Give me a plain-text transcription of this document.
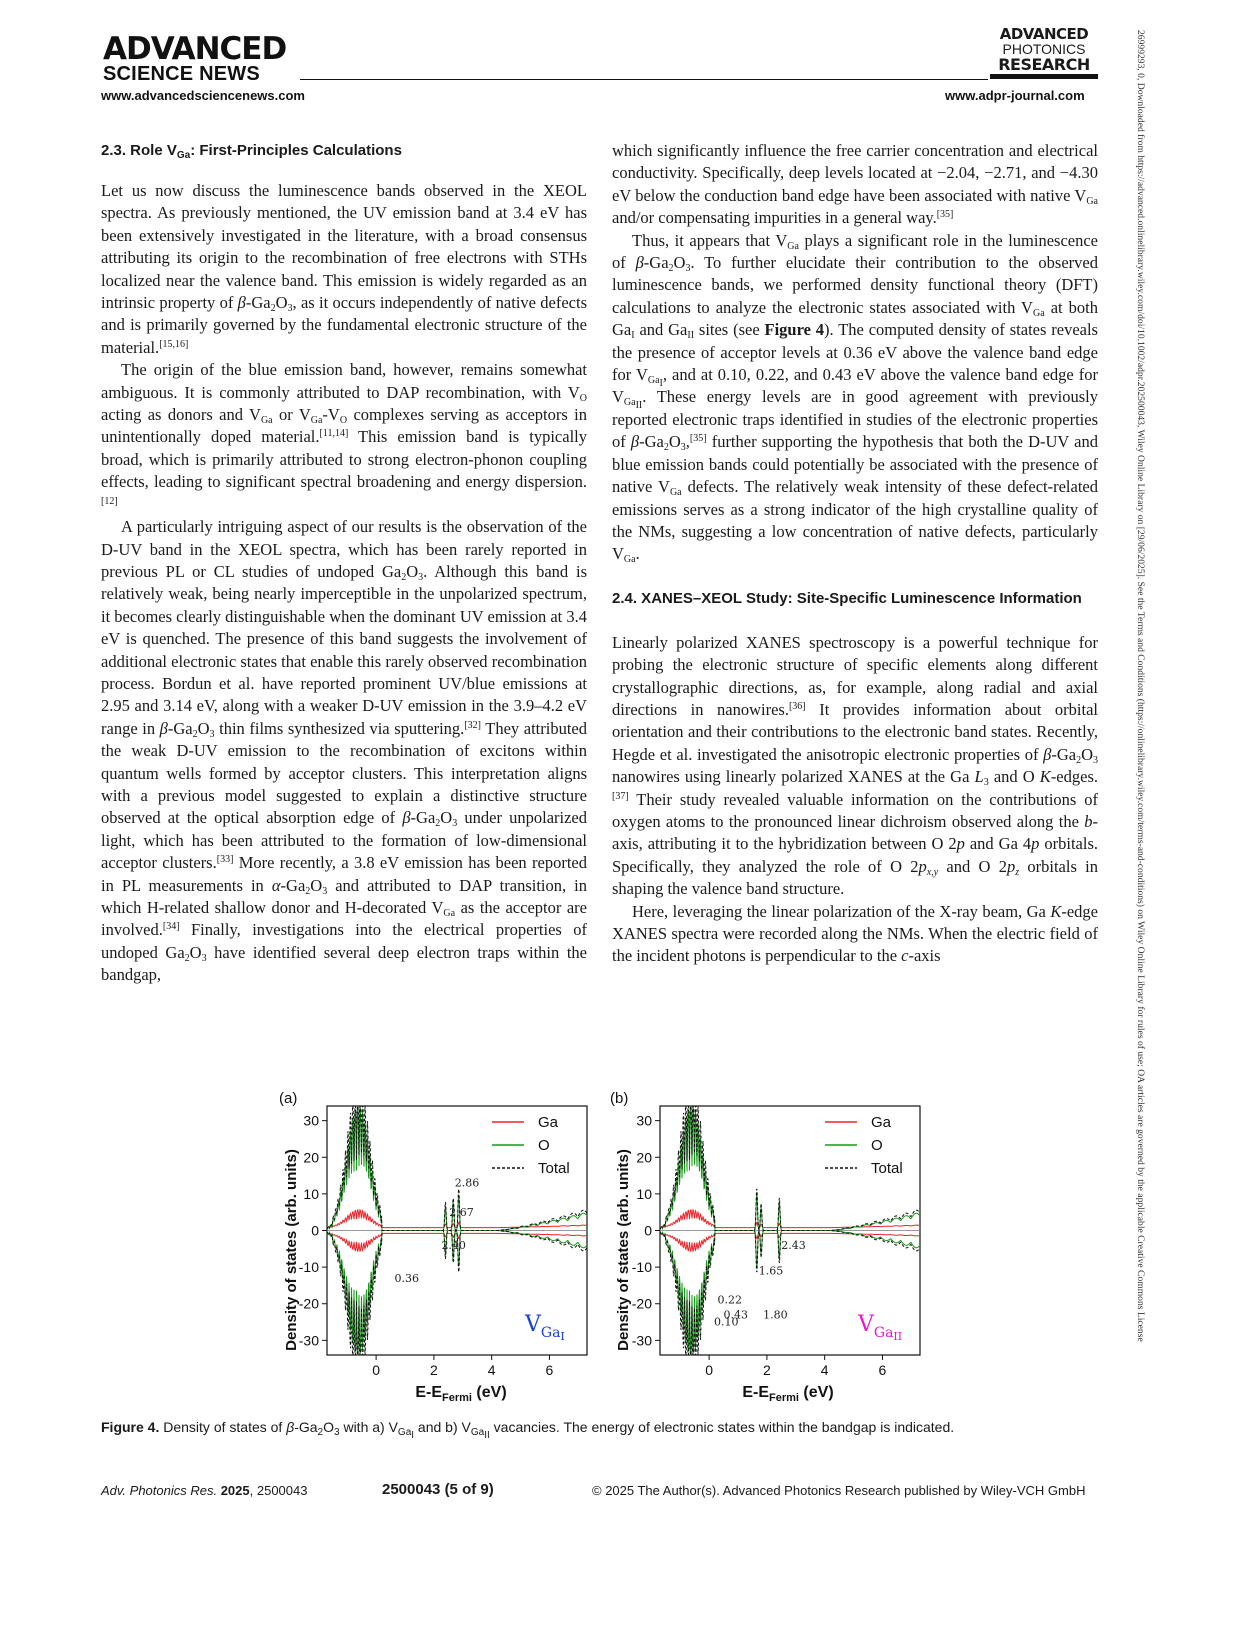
ADVANCED
SCIENCE NEWS
ADVANCED
PHOTONICS
RESEARCH
www.advancedsciencenews.com	www.adpr-journal.com
2.3. Role $V_{Ga}$: First-Principles Calculations

Let us now discuss the luminescence bands observed in the XEOL spectra. As previously mentioned, the UV emission band at 3.4 eV has been extensively investigated in the literature, with a broad consensus attributing its origin to the recombination of free electrons with STHs localized near the valence band. This emission is widely regarded as an intrinsic property of $\beta-Ga_2O_3$, as it occurs independently of native defects and is primarily governed by the fundamental electronic structure of the material.[15,16]

The origin of the blue emission band, however, remains somewhat ambiguous. It is commonly attributed to DAP recombination, with $V_O$ acting as donors and $V_{Ga}$ or $V_{Ga}-V_O$ complexes serving as acceptors in unintentionally doped material.[11,14] This emission band is typically broad, which is primarily attributed to strong electron-phonon coupling effects, leading to significant spectral broadening and energy dispersion.[12]

A particularly intriguing aspect of our results is the observation of the D-UV band in the XEOL spectra, which has been rarely reported in previous PL or CL studies of undoped $Ga_2O_3$. Although this band is relatively weak, being nearly imperceptible in the unpolarized spectrum, it becomes clearly distinguishable when the dominant UV emission at 3.4 eV is quenched. The presence of this band suggests the involvement of additional electronic states that enable this rarely observed recombination process. Bordun et al. have reported prominent UV/blue emissions at 2.95 and 3.14 eV, along with a weaker D-UV emission in the 3.9–4.2 eV range in $\beta-Ga_2O_3$ thin films synthesized via sputtering.[32] They attributed the weak D-UV emission to the recombination of excitons within quantum wells formed by acceptor clusters. This interpretation aligns with a previous model suggested to explain a distinctive structure observed at the optical absorption edge of $\beta-Ga_2O_3$ under unpolarized light, which has been attributed to the formation of low-dimensional acceptor clusters.[33] More recently, a 3.8 eV emission has been reported in PL measurements in $\alpha-Ga_2O_3$ and attributed to DAP transition, in which H-related shallow donor and H-decorated $V_{Ga}$ as the acceptor are involved.[34] Finally, investigations into the electrical properties of undoped $Ga_2O_3$ have identified several deep electron traps within the bandgap,

which significantly influence the free carrier concentration and electrical conductivity. Specifically, deep levels located at −2.04, −2.71, and −4.30 eV below the conduction band edge have been associated with native $V_{Ga}$ and/or compensating impurities in a general way.[35]

Thus, it appears that $V_{Ga}$ plays a significant role in the luminescence of $\beta-Ga_2O_3$. To further elucidate their contribution to the observed luminescence bands, we performed density functional theory (DFT) calculations to analyze the electronic states associated with $V_{Ga}$ at both $Ga_I$ and $Ga_{II}$ sites (see Figure 4). The computed density of states reveals the presence of acceptor levels at 0.36 eV above the valence band edge for $V_{Ga_I}$, and at 0.10, 0.22, and 0.43 eV above the valence band edge for $V_{Ga_{II}}$. These energy levels are in good agreement with previously reported electronic traps identified in studies of the electronic properties of $\beta-Ga_2O_3,[35]$ further supporting the hypothesis that both the D-UV and blue emission bands could potentially be associated with the presence of native $V_{Ga}$ defects. The relatively weak intensity of these defect-related emissions serves as a strong indicator of the high crystalline quality of the NMs, suggesting a low concentration of native defects, particularly $V_{Ga}$.

2.4. XANES–XEOL Study: Site-Specific Luminescence Information

Linearly polarized XANES spectroscopy is a powerful technique for probing the electronic structure of specific elements along different crystallographic directions, as, for example, along radial and axial directions in nanowires.[36] It provides information about orbital orientation and their contributions to the electronic band states. Recently, Hegde et al. investigated the anisotropic electronic properties of $\beta-Ga_2O_3$ nanowires using linearly polarized XANES at the Ga $L_3$ and O K-edges.[37] Their study revealed valuable information on the contributions of oxygen atoms to the pronounced linear dichroism observed along the b-axis, attributing it to the hybridization between O 2p and Ga 4p orbitals. Specifically, they analyzed the role of O $2p_{x,y}$ and O $2p_z$ orbitals in shaping the valence band structure.

Here, leveraging the linear polarization of the X-ray beam, Ga K-edge XANES spectra were recorded along the NMs. When the electric field of the incident photons is perpendicular to the c-axis

(a)	(b)
Density of states (arb. units)	Density of states (arb. units)
$E-E_{Fermi}$ (eV)	$E-E_{Fermi}$ (eV)
0	2	4	6
30
20
10
0
-10
-20
-30
0.36
2.40
2.67
2.86
Ga
O
Total
$V_{Ga}I$
0	2	4	6
30
20
10
0
-10
-20
-30
0.22
0.10
0.43
1.65
1.80
2.43
Ga
O
Total
$V_{Ga}II$
Figure 4. Density of states of $\beta-Ga_2O_3$ with a) $V_{Ga_I}$ and b) $V_{Ga_{II}}$ vacancies. The energy of electronic states within the bandgap is indicated.
Adv. Photonics Res. 2025, 2500043	2500043 (5 of 9)	© 2025 The Author(s). Advanced Photonics Research published by Wiley-VCH GmbH
26999293, 0, Downloaded from https://advanced.onlinelibrary.wiley.com/doi/10.1002/adpr.202500043, Wiley Online Library on [29/06/2025]. See the Terms and Conditions (https://onlinelibrary.wiley.com/terms-and-conditions) on Wiley Online Library for rules of use; OA articles are governed by the applicable Creative Commons License
